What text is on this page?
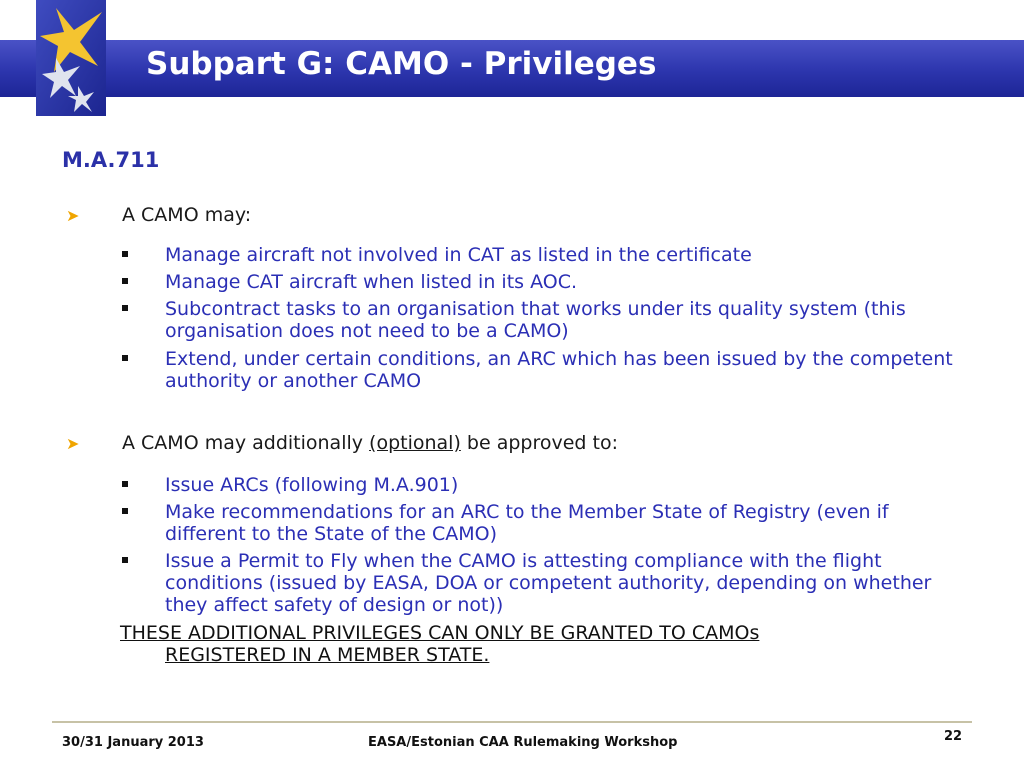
Subpart G: CAMO - Privileges
M.A.711
➤ A CAMO may:
Manage aircraft not involved in CAT as listed in the certificate
Manage CAT aircraft when listed in its AOC.
Subcontract tasks to an organisation that works under its quality system (this organisation does not need to be a CAMO)
Extend, under certain conditions, an ARC which has been issued by the competent authority or another CAMO
➤ A CAMO may additionally (optional) be approved to:
Issue ARCs (following M.A.901)
Make recommendations for an ARC to the Member State of Registry (even if different to the State of the CAMO)
Issue a Permit to Fly when the CAMO is attesting compliance with the flight conditions (issued by EASA, DOA or competent authority, depending on whether they affect safety of design or not))
THESE ADDITIONAL PRIVILEGES CAN ONLY BE GRANTED TO CAMOs
REGISTERED IN A MEMBER STATE.
30/31 January 2013	EASA/Estonian CAA Rulemaking Workshop	22
